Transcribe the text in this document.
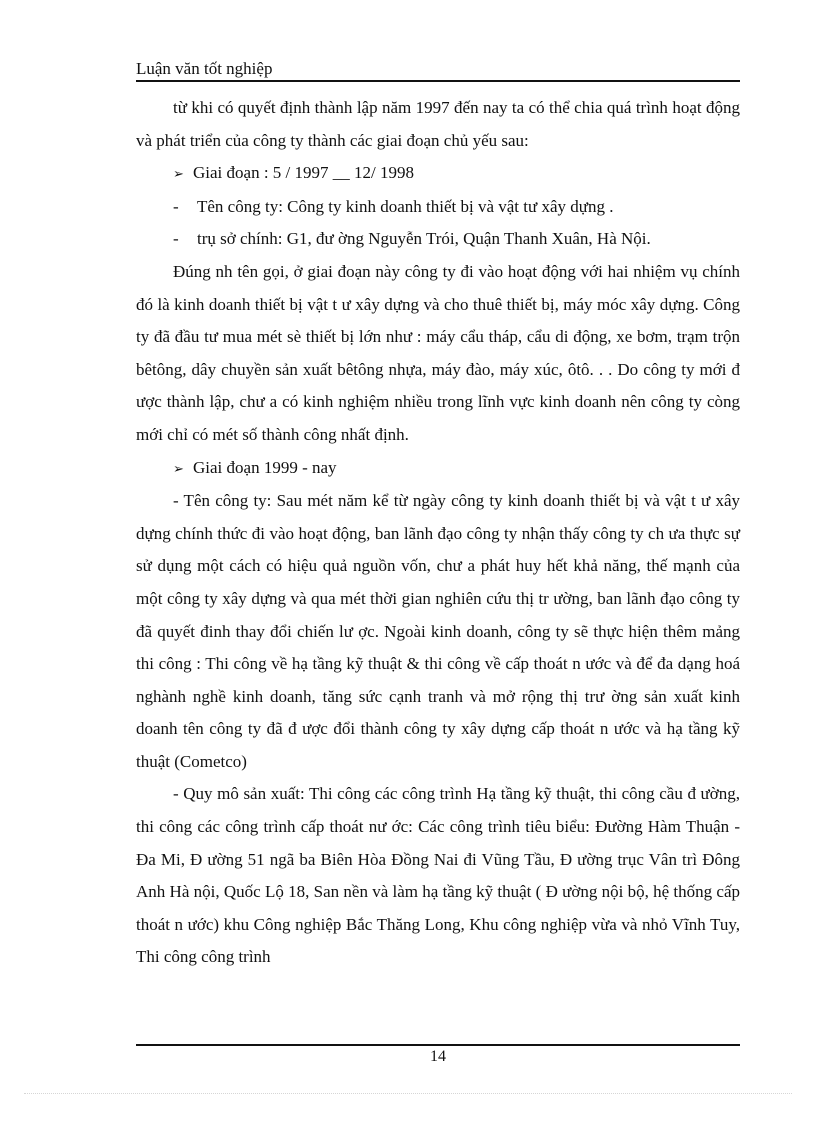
Luận văn tốt nghiệp

từ khi có quyết định thành lập năm 1997 đến nay ta có thể chia quá trình hoạt động và phát triển của công ty thành các giai đoạn chủ yếu sau:

➢ Giai đoạn : 5 / 1997 __ 12/ 1998

- Tên công ty: Công ty kinh doanh thiết bị và vật tư xây dựng .

- trụ sở chính: G1, đư ờng Nguyễn Trói, Quận Thanh Xuân, Hà Nội.

Đúng nh tên gọi, ở giai đoạn này công ty đi vào hoạt động với hai nhiệm vụ chính đó là kinh doanh thiết bị vật t ư xây dựng và cho thuê thiết bị, máy móc xây dựng. Công ty đã đầu tư mua mét sè thiết bị lớn như : máy cẩu tháp, cẩu di động, xe bơm, trạm trộn bêtông, dây chuyền sản xuất bêtông nhựa, máy đào, máy xúc, ôtô. . . Do công ty mới đ ược thành lập, chư a có kinh nghiệm nhiều trong lĩnh vực kinh doanh nên công ty còng mới chỉ có mét số thành công nhất định.

➢ Giai đoạn 1999 - nay

- Tên công ty: Sau mét năm kể từ ngày công ty kinh doanh thiết bị và vật t ư xây dựng chính thức đi vào hoạt động, ban lãnh đạo công ty nhận thấy công ty ch ưa thực sự sử dụng một cách có hiệu quả nguồn vốn, chư a phát huy hết khả năng, thế mạnh của một công ty xây dựng và qua mét thời gian nghiên cứu thị tr ường, ban lãnh đạo công ty đã quyết đinh thay đổi chiến lư ợc. Ngoài kinh doanh, công ty sẽ thực hiện thêm mảng thi công : Thi công về hạ tầng kỹ thuật & thi công về cấp thoát n ước và để đa dạng hoá nghành nghề kinh doanh, tăng sức cạnh tranh và mở rộng thị trư ờng sản xuất kinh doanh tên công ty đã đ ược đổi thành công ty xây dựng cấp thoát n ước và hạ tầng kỹ thuật (Cometco)

- Quy mô sản xuất: Thi công các công trình Hạ tầng kỹ thuật, thi công cầu đ ường, thi công các công trình cấp thoát nư ớc: Các công trình tiêu biểu: Đường Hàm Thuận - Đa Mi, Đ ường 51 ngã ba Biên Hòa Đồng Nai đi Vũng Tầu, Đ ường trục Vân trì Đông Anh Hà nội, Quốc Lộ 18, San nền và làm hạ tầng kỹ thuật ( Đ ường nội bộ, hệ thống cấp thoát n ước) khu Công nghiệp Bắc Thăng Long, Khu công nghiệp vừa và nhỏ Vĩnh Tuy, Thi công công trình

14
